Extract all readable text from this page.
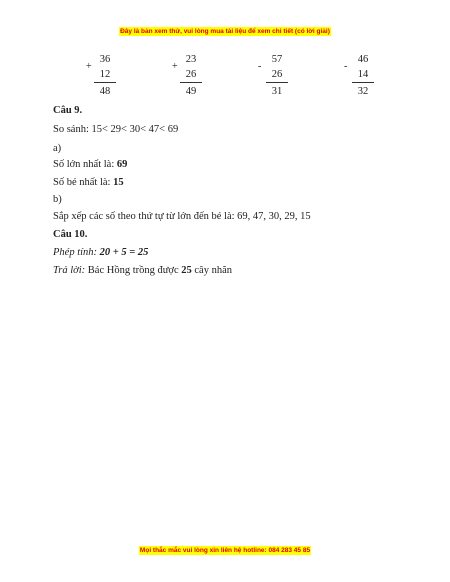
Đây là bản xem thử, vui lòng mua tài liệu để xem chi tiết (có lời giải)
+
36
12
48
+
23
26
49
-
57
26
31
-
46
14
32
Câu 9.
So sánh: 15< 29< 30< 47< 69
a)
Số lớn nhất là: 69
Số bé nhất là: 15
b)
Sắp xếp các số theo thứ tự từ lớn đến bé là: 69, 47, 30, 29, 15
Câu 10.
Phép tính: 20 + 5 = 25
Trả lời: Bác Hồng trồng được 25 cây nhãn
Mọi thắc mắc vui lòng xin liên hệ hotline: 084 283 45 85
